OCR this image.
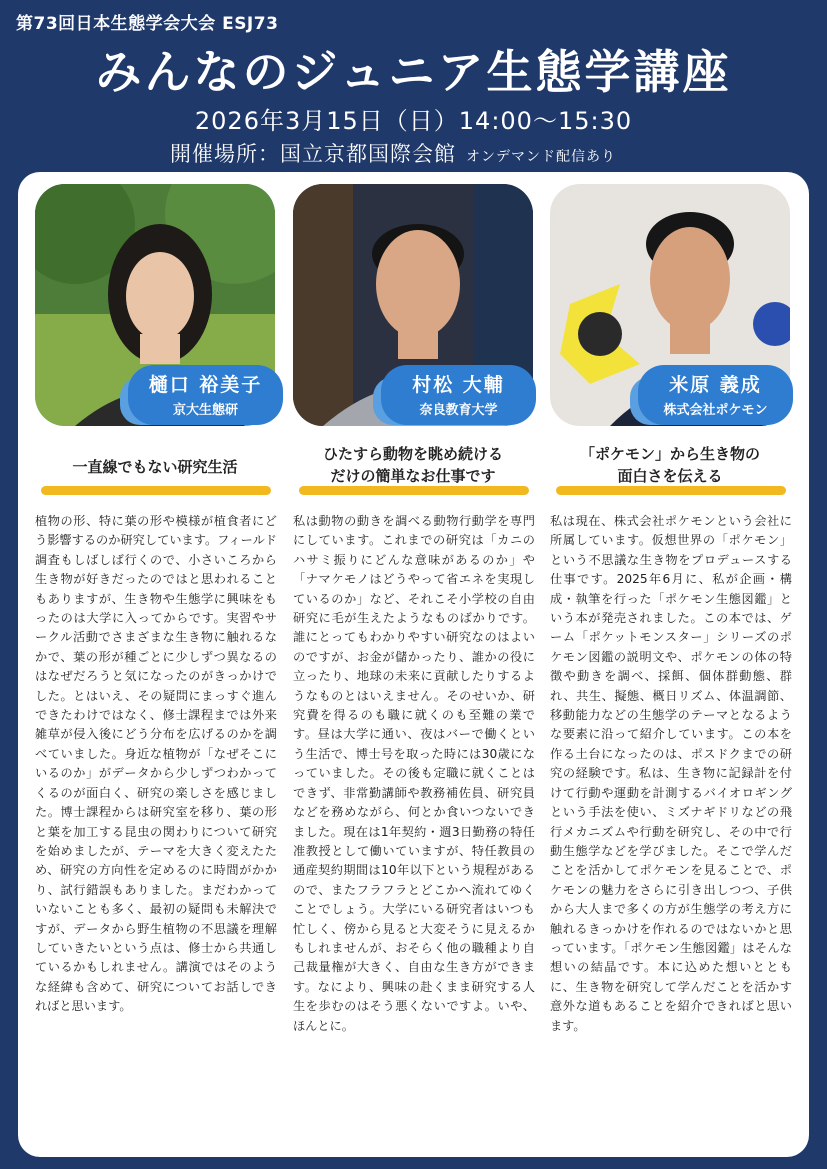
第73回日本生態学会大会 ESJ73
みんなのジュニア生態学講座
2026年3月15日（日）14:00〜15:30
開催場所：国立京都国際会館 オンデマンド配信あり
樋口 裕美子
京大生態研
一直線でもない研究生活

植物の形、特に葉の形や模様が植食者にどう影響するのか研究しています。フィールド調査もしばしば行くので、小さいころから生き物が好きだったのではと思われることもありますが、生き物や生態学に興味をもったのは大学に入ってからです。実習やサークル活動でさまざまな生き物に触れるなかで、葉の形が種ごとに少しずつ異なるのはなぜだろうと気になったのがきっかけでした。とはいえ、その疑問にまっすぐ進んできたわけではなく、修士課程までは外来雑草が侵入後にどう分布を広げるのかを調べていました。身近な植物が「なぜそこにいるのか」がデータから少しずつわかってくるのが面白く、研究の楽しさを感じました。博士課程からは研究室を移り、葉の形と葉を加工する昆虫の関わりについて研究を始めましたが、テーマを大きく変えたため、研究の方向性を定めるのに時間がかかり、試行錯誤もありました。まだわかっていないことも多く、最初の疑問も未解決ですが、データから野生植物の不思議を理解していきたいという点は、修士から共通しているかもしれません。講演ではそのような経緯も含めて、研究についてお話しできればと思います。

村松 大輔
奈良教育大学
ひたすら動物を眺め続ける
だけの簡単なお仕事です

私は動物の動きを調べる動物行動学を専門にしています。これまでの研究は「カニのハサミ振りにどんな意味があるのか」や「ナマケモノはどうやって省エネを実現しているのか」など、それこそ小学校の自由研究に毛が生えたようなものばかりです。誰にとってもわかりやすい研究なのはよいのですが、お金が儲かったり、誰かの役に立ったり、地球の未来に貢献したりするようなものとはいえません。そのせいか、研究費を得るのも職に就くのも至難の業です。昼は大学に通い、夜はバーで働くという生活で、博士号を取った時には30歳になっていました。その後も定職に就くことはできず、非常勤講師や教務補佐員、研究員などを務めながら、何とか食いつないできました。現在は1年契約・週3日勤務の特任准教授として働いていますが、特任教員の通産契約期間は10年以下という規程があるので、またフラフラとどこかへ流れてゆくことでしょう。大学にいる研究者はいつも忙しく、傍から見ると大変そうに見えるかもしれませんが、おそらく他の職種より自己裁量権が大きく、自由な生き方ができます。なにより、興味の赴くまま研究する人生を歩むのはそう悪くないですよ。いや、ほんとに。

米原 義成
株式会社ポケモン
「ポケモン」から生き物の
面白さを伝える

私は現在、株式会社ポケモンという会社に所属しています。仮想世界の「ポケモン」という不思議な生き物をプロデュースする仕事です。2025年6月に、私が企画・構成・執筆を行った「ポケモン生態図鑑」という本が発売されました。この本では、ゲーム「ポケットモンスター」シリーズのポケモン図鑑の説明文や、ポケモンの体の特徴や動きを調べ、採餌、個体群動態、群れ、共生、擬態、概日リズム、体温調節、移動能力などの生態学のテーマとなるような要素に沿って紹介しています。この本を作る土台になったのは、ポスドクまでの研究の経験です。私は、生き物に記録計を付けて行動や運動を計測するバイオロギングという手法を使い、ミズナギドリなどの飛行メカニズムや行動を研究し、その中で行動生態学などを学びました。そこで学んだことを活かしてポケモンを見ることで、ポケモンの魅力をさらに引き出しつつ、子供から大人まで多くの方が生態学の考え方に触れるきっかけを作れるのではないかと思っています。「ポケモン生態図鑑」はそんな想いの結晶です。本に込めた想いとともに、生き物を研究して学んだことを活かす意外な道もあることを紹介できればと思います。
